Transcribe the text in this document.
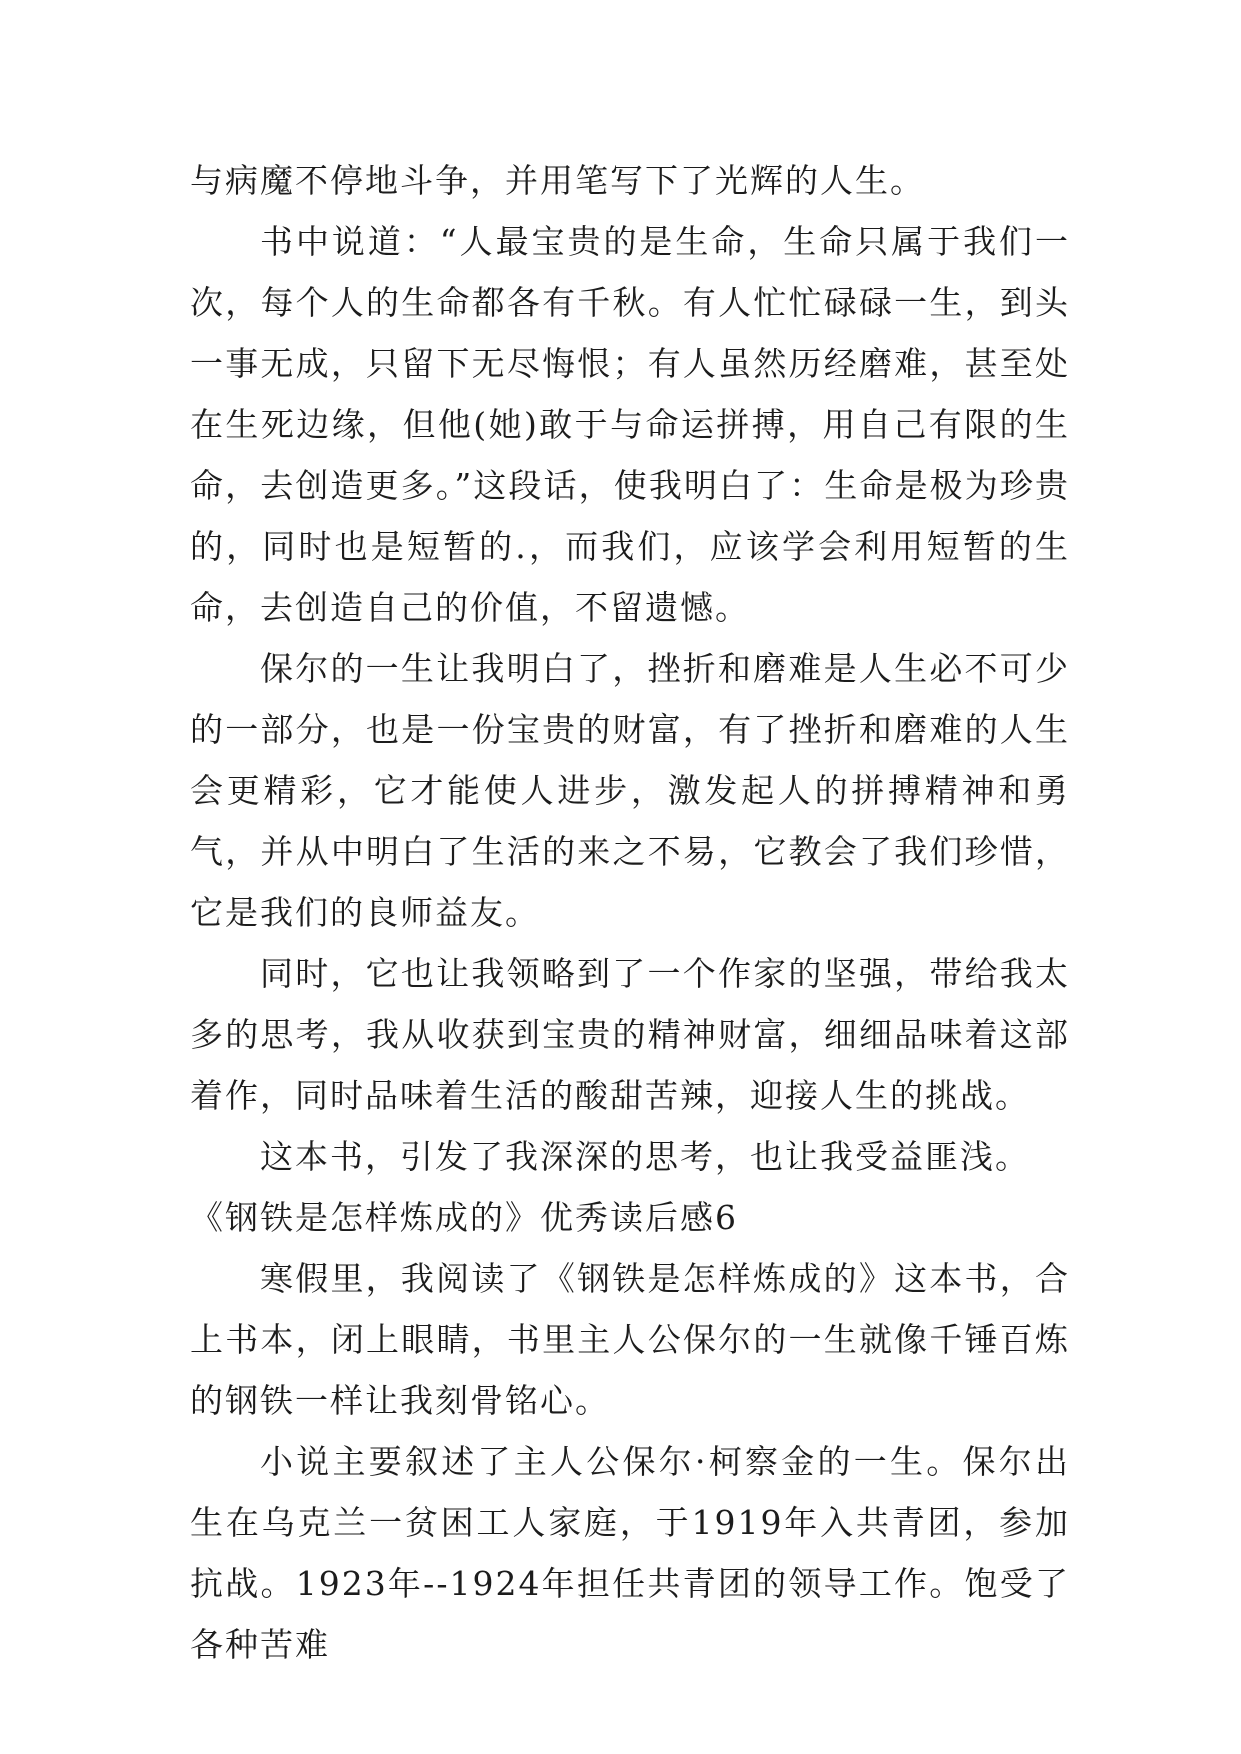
与病魔不停地斗争，并用笔写下了光辉的人生。

书中说道：“人最宝贵的是生命，生命只属于我们一次，每个人的生命都各有千秋。有人忙忙碌碌一生，到头一事无成，只留下无尽悔恨；有人虽然历经磨难，甚至处在生死边缘，但他(她)敢于与命运拼搏，用自己有限的生命，去创造更多。”这段话，使我明白了：生命是极为珍贵的，同时也是短暂的.，而我们，应该学会利用短暂的生命，去创造自己的价值，不留遗憾。

保尔的一生让我明白了，挫折和磨难是人生必不可少的一部分，也是一份宝贵的财富，有了挫折和磨难的人生会更精彩，它才能使人进步，激发起人的拼搏精神和勇气，并从中明白了生活的来之不易，它教会了我们珍惜，它是我们的良师益友。

同时，它也让我领略到了一个作家的坚强，带给我太多的思考，我从收获到宝贵的精神财富，细细品味着这部着作，同时品味着生活的酸甜苦辣，迎接人生的挑战。

这本书，引发了我深深的思考，也让我受益匪浅。

《钢铁是怎样炼成的》优秀读后感6

寒假里，我阅读了《钢铁是怎样炼成的》这本书，合上书本，闭上眼睛，书里主人公保尔的一生就像千锤百炼的钢铁一样让我刻骨铭心。

小说主要叙述了主人公保尔·柯察金的一生。保尔出生在乌克兰一贫困工人家庭，于1919年入共青团，参加抗战。1923年--1924年担任共青团的领导工作。饱受了各种苦难
